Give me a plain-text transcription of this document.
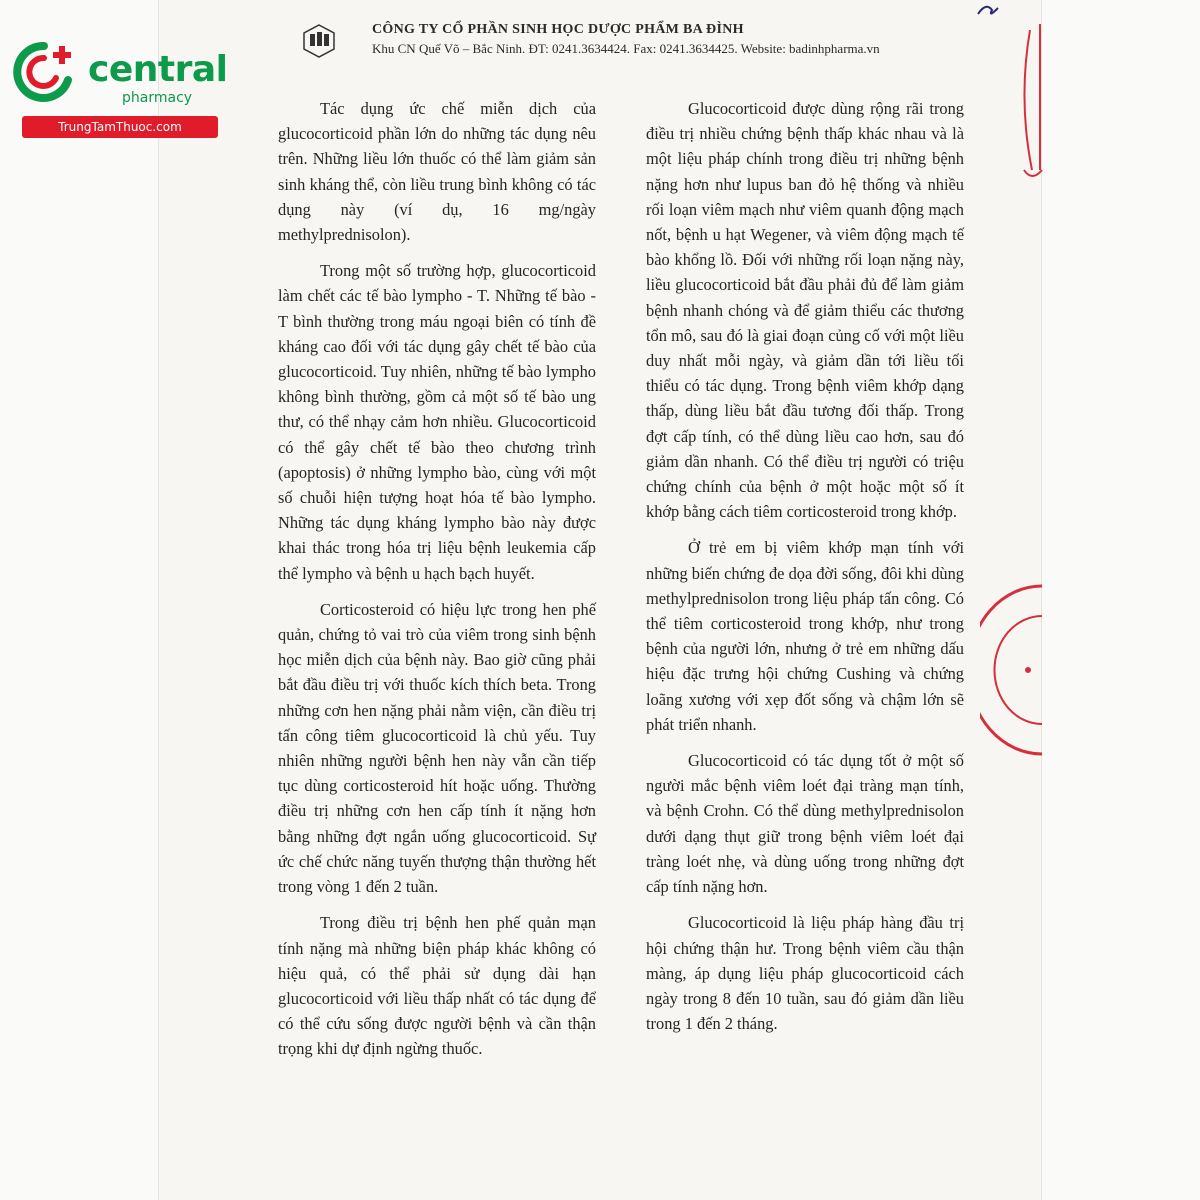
central
pharmacy
TrungTamThuoc.com
CÔNG TY CỔ PHẦN SINH HỌC DƯỢC PHẨM BA ĐÌNH
Khu CN Quế Võ – Bắc Ninh. ĐT: 0241.3634424. Fax: 0241.3634425. Website: badinhpharma.vn

Tác dụng ức chế miễn dịch của glucocorticoid phần lớn do những tác dụng nêu trên. Những liều lớn thuốc có thể làm giảm sản sinh kháng thể, còn liều trung bình không có tác dụng này (ví dụ, 16 mg/ngày methylprednisolon).

Trong một số trường hợp, glucocorticoid làm chết các tế bào lympho - T. Những tế bào - T bình thường trong máu ngoại biên có tính đề kháng cao đối với tác dụng gây chết tế bào của glucocorticoid. Tuy nhiên, những tế bào lympho không bình thường, gồm cả một số tế bào ung thư, có thể nhạy cảm hơn nhiều. Glucocorticoid có thể gây chết tế bào theo chương trình (apoptosis) ở những lympho bào, cùng với một số chuỗi hiện tượng hoạt hóa tế bào lympho. Những tác dụng kháng lympho bào này được khai thác trong hóa trị liệu bệnh leukemia cấp thể lympho và bệnh u hạch bạch huyết.

Corticosteroid có hiệu lực trong hen phế quản, chứng tỏ vai trò của viêm trong sinh bệnh học miễn dịch của bệnh này. Bao giờ cũng phải bắt đầu điều trị với thuốc kích thích beta. Trong những cơn hen nặng phải nằm viện, cần điều trị tấn công tiêm glucocorticoid là chủ yếu. Tuy nhiên những người bệnh hen này vẫn cần tiếp tục dùng corticosteroid hít hoặc uống. Thường điều trị những cơn hen cấp tính ít nặng hơn bằng những đợt ngắn uống glucocorticoid. Sự ức chế chức năng tuyến thượng thận thường hết trong vòng 1 đến 2 tuần.

Trong điều trị bệnh hen phế quản mạn tính nặng mà những biện pháp khác không có hiệu quả, có thể phải sử dụng dài hạn glucocorticoid với liều thấp nhất có tác dụng để có thể cứu sống được người bệnh và cần thận trọng khi dự định ngừng thuốc.

Glucocorticoid được dùng rộng rãi trong điều trị nhiều chứng bệnh thấp khác nhau và là một liệu pháp chính trong điều trị những bệnh nặng hơn như lupus ban đỏ hệ thống và nhiều rối loạn viêm mạch như viêm quanh động mạch nốt, bệnh u hạt Wegener, và viêm động mạch tế bào khổng lồ. Đối với những rối loạn nặng này, liều glucocorticoid bắt đầu phải đủ để làm giảm bệnh nhanh chóng và để giảm thiểu các thương tổn mô, sau đó là giai đoạn củng cố với một liều duy nhất mỗi ngày, và giảm dần tới liều tối thiểu có tác dụng. Trong bệnh viêm khớp dạng thấp, dùng liều bắt đầu tương đối thấp. Trong đợt cấp tính, có thể dùng liều cao hơn, sau đó giảm dần nhanh. Có thể điều trị người có triệu chứng chính của bệnh ở một hoặc một số ít khớp bằng cách tiêm corticosteroid trong khớp.

Ở trẻ em bị viêm khớp mạn tính với những biến chứng đe dọa đời sống, đôi khi dùng methylprednisolon trong liệu pháp tấn công. Có thể tiêm corticosteroid trong khớp, như trong bệnh của người lớn, nhưng ở trẻ em những dấu hiệu đặc trưng hội chứng Cushing và chứng loãng xương với xẹp đốt sống và chậm lớn sẽ phát triển nhanh.

Glucocorticoid có tác dụng tốt ở một số người mắc bệnh viêm loét đại tràng mạn tính, và bệnh Crohn. Có thể dùng methylprednisolon dưới dạng thụt giữ trong bệnh viêm loét đại tràng loét nhẹ, và dùng uống trong những đợt cấp tính nặng hơn.

Glucocorticoid là liệu pháp hàng đầu trị hội chứng thận hư. Trong bệnh viêm cầu thận màng, áp dụng liệu pháp glucocorticoid cách ngày trong 8 đến 10 tuần, sau đó giảm dần liều trong 1 đến 2 tháng.
